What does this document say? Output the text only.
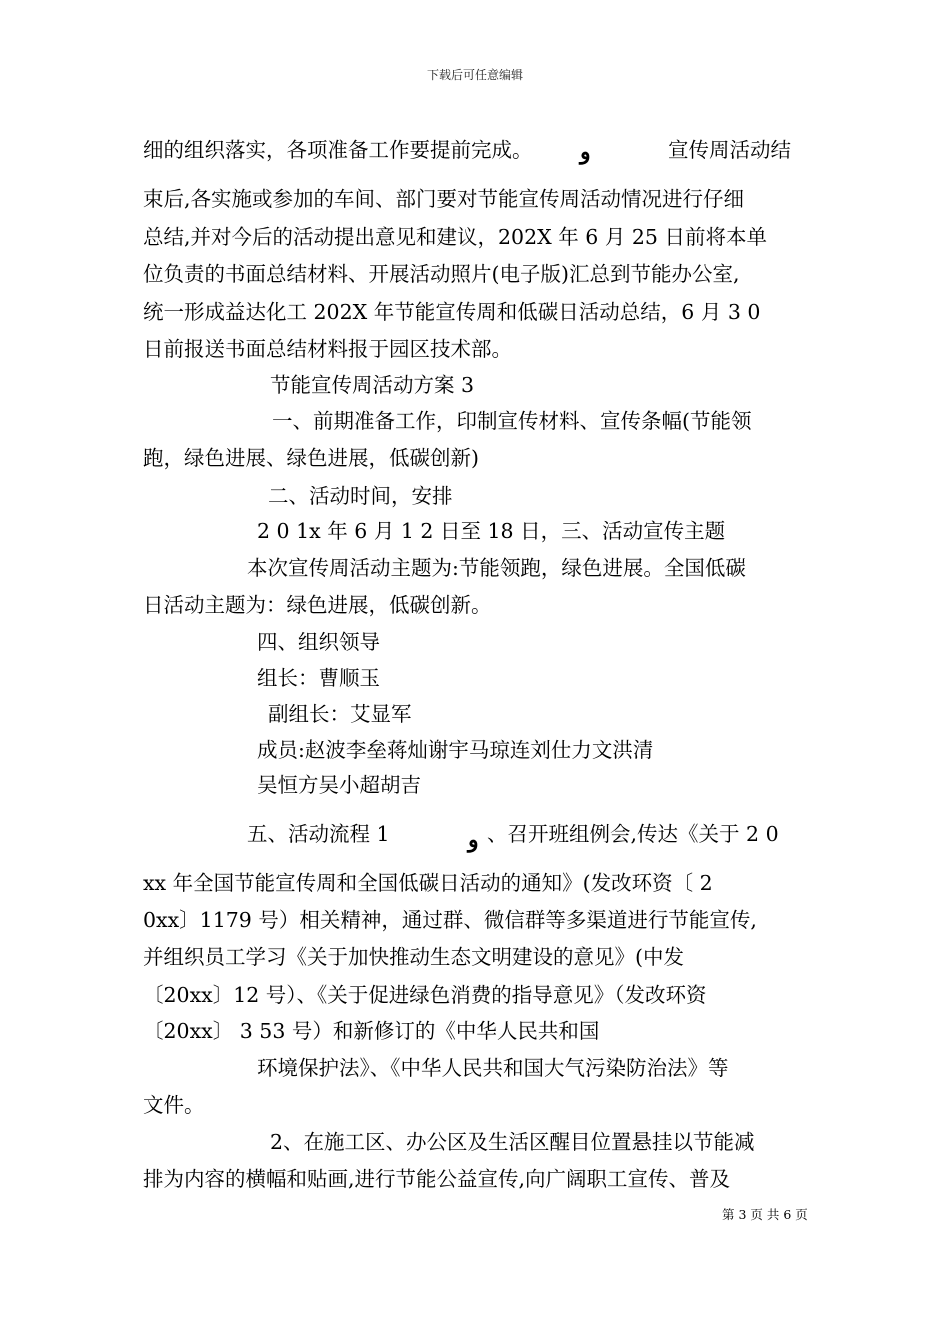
下载后可任意编辑
细的组织落实，各项准备工作要提前完成。 و	宣传周活动结
束后,各实施或参加的车间、部门要对节能宣传周活动情况进行仔细
总结,并对今后的活动提出意见和建议，202X 年 6 月 25 日前将本单
位负责的书面总结材料、开展活动照片(电子版)汇总到节能办公室,
统一形成益达化工 202X 年节能宣传周和低碳日活动总结，6 月 3 0
日前报送书面总结材料报于园区技术部。
节能宣传周活动方案 3
一、前期准备工作，印制宣传材料、宣传条幅(节能领
跑，绿色进展、绿色进展，低碳创新)
二、活动时间，安排
2 0 1x 年 6 月 1 2 日至 18 日，三、活动宣传主题
本次宣传周活动主题为:节能领跑，绿色进展。全国低碳
日活动主题为：绿色进展，低碳创新。
四、组织领导
组长：曹顺玉
副组长：艾显军
成员:赵波李垒蒋灿谢宇马琼连刘仕力文洪清
吴恒方吴小超胡吉
五、活动流程 1	و 、召开班组例会,传达《关于 2 0
xx 年全国节能宣传周和全国低碳日活动的通知》(发改环资〔 2
0xx〕1179 号）相关精神，通过群、微信群等多渠道进行节能宣传,
并组织员工学习《关于加快推动生态文明建设的意见》(中发
〔20xx〕12 号）、《关于促进绿色消费的指导意见》（发改环资
〔20xx〕 3 53 号）和新修订的《中华人民共和国
环境保护法》、《中华人民共和国大气污染防治法》等
文件。
2、在施工区、办公区及生活区醒目位置悬挂以节能减
排为内容的横幅和贴画,进行节能公益宣传,向广阔职工宣传、普及
第 3 页 共 6 页
